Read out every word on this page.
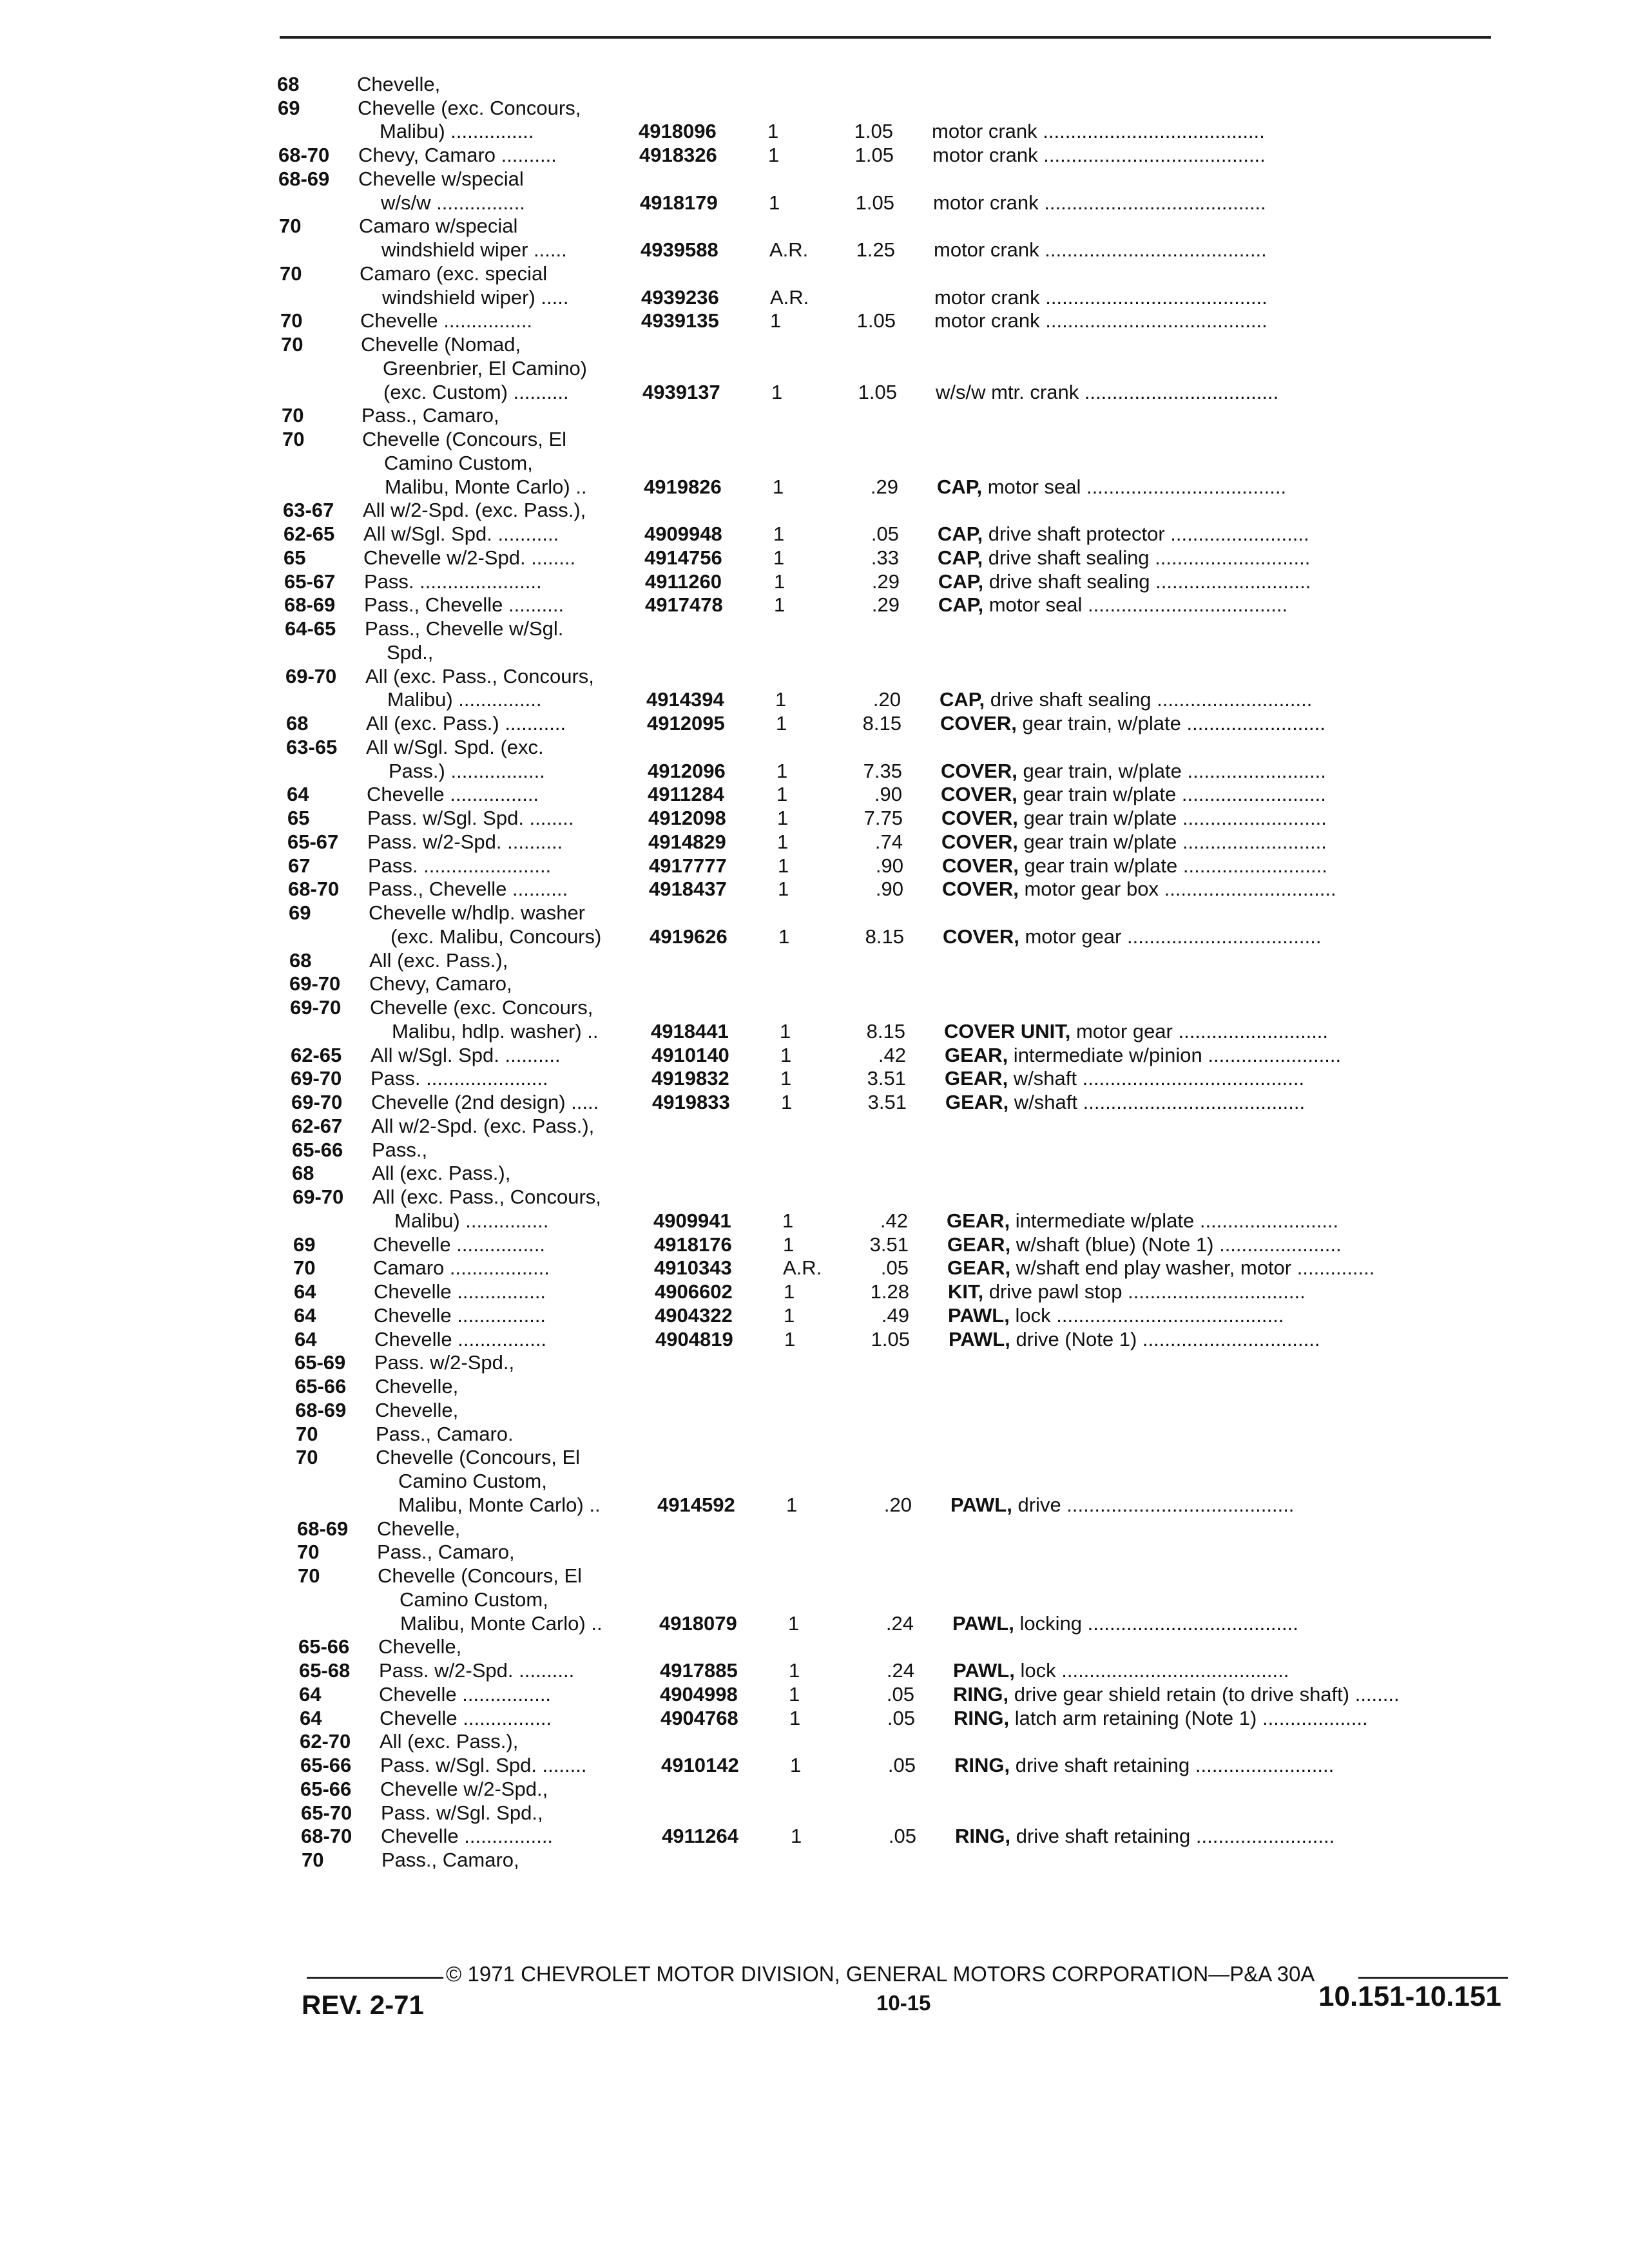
68	Chevelle,
69	Chevelle (exc. Concours,
Malibu) ...............	4918096	1	1.05 motor crank ........................................
68-70	Chevy, Camaro ..........	4918326	1	1.05 motor crank ........................................
68-69	Chevelle w/special
w/s/w ................	4918179	1	1.05 motor crank ........................................
70	Camaro w/special
windshield wiper ......	4939588	A.R.	1.25 motor crank ........................................
70	Camaro (exc. special
windshield wiper) .....	4939236	A.R.	motor crank ........................................
70	Chevelle ................	4939135	1	1.05 motor crank ........................................
70	Chevelle (Nomad,
Greenbrier, El Camino)
(exc. Custom) ..........	4939137	1	1.05 w/s/w mtr. crank ...................................
70	Pass., Camaro,
70	Chevelle (Concours, El
Camino Custom,
Malibu, Monte Carlo) ..	4919826	1	.29 CAP, motor seal ....................................
63-67	All w/2-Spd. (exc. Pass.),
62-65	All w/Sgl. Spd. ...........	4909948	1	.05 CAP, drive shaft protector .........................
65	Chevelle w/2-Spd. ........	4914756	1	.33 CAP, drive shaft sealing ............................
65-67	Pass. ......................	4911260	1	.29 CAP, drive shaft sealing ............................
68-69	Pass., Chevelle ..........	4917478	1	.29 CAP, motor seal ....................................
64-65	Pass., Chevelle w/Sgl.
Spd.,
69-70	All (exc. Pass., Concours,
Malibu) ...............	4914394	1	.20 CAP, drive shaft sealing ............................
68	All (exc. Pass.) ...........	4912095	1	8.15 COVER, gear train, w/plate .........................
63-65	All w/Sgl. Spd. (exc.
Pass.) .................	4912096	1	7.35 COVER, gear train, w/plate .........................
64	Chevelle ................	4911284	1	.90 COVER, gear train w/plate ..........................
65	Pass. w/Sgl. Spd. ........	4912098	1	7.75 COVER, gear train w/plate ..........................
65-67	Pass. w/2-Spd. ..........	4914829	1	.74 COVER, gear train w/plate ..........................
67	Pass. .......................	4917777	1	.90 COVER, gear train w/plate ..........................
68-70	Pass., Chevelle ..........	4918437	1	.90 COVER, motor gear box ...............................
69	Chevelle w/hdlp. washer
(exc. Malibu, Concours)	4919626	1	8.15 COVER, motor gear ...................................
68	All (exc. Pass.),
69-70	Chevy, Camaro,
69-70	Chevelle (exc. Concours,
Malibu, hdlp. washer) ..	4918441	1	8.15 COVER UNIT, motor gear ...........................
62-65	All w/Sgl. Spd. ..........	4910140	1	.42 GEAR, intermediate w/pinion ........................
69-70	Pass. ......................	4919832	1	3.51 GEAR, w/shaft ........................................
69-70	Chevelle (2nd design) .....	4919833	1	3.51 GEAR, w/shaft ........................................
62-67	All w/2-Spd. (exc. Pass.),
65-66	Pass.,
68	All (exc. Pass.),
69-70	All (exc. Pass., Concours,
Malibu) ...............	4909941	1	.42 GEAR, intermediate w/plate .........................
69	Chevelle ................	4918176	1	3.51 GEAR, w/shaft (blue) (Note 1) ......................
70	Camaro ..................	4910343	A.R.	.05 GEAR, w/shaft end play washer, motor ..............
64	Chevelle ................	4906602	1	1.28 KIT, drive pawl stop ................................
64	Chevelle ................	4904322	1	.49 PAWL, lock .........................................
64	Chevelle ................	4904819	1	1.05 PAWL, drive (Note 1) ................................
65-69	Pass. w/2-Spd.,
65-66	Chevelle,
68-69	Chevelle,
70	Pass., Camaro.
70	Chevelle (Concours, El
Camino Custom,
Malibu, Monte Carlo) ..	4914592	1	.20 PAWL, drive .........................................
68-69	Chevelle,
70	Pass., Camaro,
70	Chevelle (Concours, El
Camino Custom,
Malibu, Monte Carlo) ..	4918079	1	.24 PAWL, locking ......................................
65-66	Chevelle,
65-68	Pass. w/2-Spd. ..........	4917885	1	.24 PAWL, lock .........................................
64	Chevelle ................	4904998	1	.05 RING, drive gear shield retain (to drive shaft) ........
64	Chevelle ................	4904768	1	.05 RING, latch arm retaining (Note 1) ...................
62-70	All (exc. Pass.),
65-66	Pass. w/Sgl. Spd. ........	4910142	1	.05 RING, drive shaft retaining .........................
65-66	Chevelle w/2-Spd.,
65-70	Pass. w/Sgl. Spd.,
68-70	Chevelle ................	4911264	1	.05 RING, drive shaft retaining .........................
70	Pass., Camaro,
© 1971 CHEVROLET MOTOR DIVISION, GENERAL MOTORS CORPORATION—P&A 30A
REV. 2-71	10-15	10.151-10.151
